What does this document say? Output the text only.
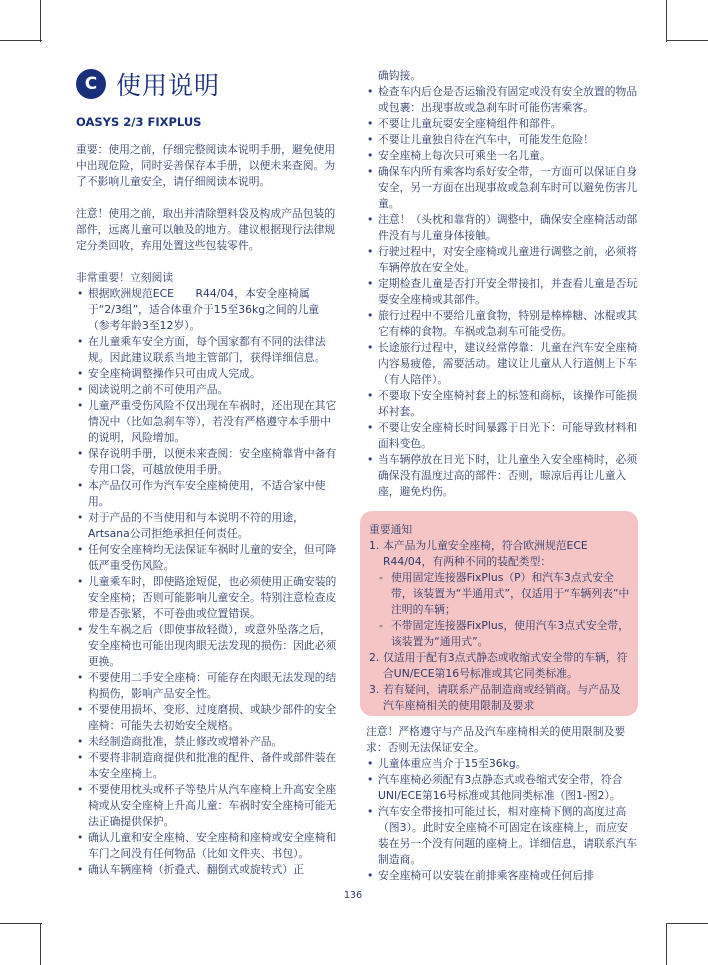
C 使用说明
OASYS 2/3 FIXPLUS

重要：使用之前，仔细完整阅读本说明手册，避免使用中出现危险，同时妥善保存本手册，以便未来查阅。为了不影响儿童安全，请仔细阅读本说明。

注意！使用之前，取出并清除塑料袋及构成产品包装的部件，远离儿童可以触及的地方。建议根据现行法律规定分类回收，弃用处置这些包装零件。

非常重要！立刻阅读

• 根据欧洲规范ECE　　R44/04，本安全座椅属于“2/3组”，适合体重介于15至36kg之间的儿童（参考年龄3至12岁）。
• 在儿童乘车安全方面，每个国家都有不同的法律法规。因此建议联系当地主管部门，获得详细信息。
• 安全座椅调整操作只可由成人完成。
• 阅读说明之前不可使用产品。
• 儿童严重受伤风险不仅出现在车祸时，还出现在其它情况中（比如急刹车等），若没有严格遵守本手册中的说明，风险增加。
• 保存说明手册，以便未来查阅：安全座椅靠背中备有专用口袋，可越放使用手册。
• 本产品仅可作为汽车安全座椅使用，不适合家中使用。
• 对于产品的不当使用和与本说明不符的用途，Artsana公司拒绝承担任何责任。
• 任何安全座椅均无法保证车祸时儿童的安全，但可降低严重受伤风险。
• 儿童乘车时，即使路途短促，也必须使用正确安装的安全座椅；否则可能影响儿童安全。特别注意检查皮带是否张紧，不可卷曲或位置错误。
• 发生车祸之后（即使事故轻微），或意外坠落之后，安全座椅也可能出现肉眼无法发现的损伤：因此必须更换。
• 不要使用二手安全座椅：可能存在肉眼无法发现的结构损伤，影响产品安全性。
• 不要使用损坏、变形、过度磨损、或缺少部件的安全座椅：可能失去初始安全规格。
• 未经制造商批准，禁止修改或增补产品。
• 不要将非制造商提供和批准的配件、备件或部件装在本安全座椅上。
• 不要使用枕头或杯子等垫片从汽车座椅上升高安全座椅或从安全座椅上升高儿童：车祸时安全座椅可能无法正确提供保护。
• 确认儿童和安全座椅、安全座椅和座椅或安全座椅和车门之间没有任何物品（比如文件夹、书包）。
• 确认车辆座椅（折叠式、翻倒式或旋转式）正

确钩接。

• 检查车内后仓是否运输没有固定或没有安全放置的物品或包裹：出现事故或急刹车时可能伤害乘客。
• 不要让儿童玩耍安全座椅组件和部件。
• 不要让儿童独自待在汽车中，可能发生危险！
• 安全座椅上每次只可乘坐一名儿童。
• 确保车内所有乘客均系好安全带，一方面可以保证自身安全，另一方面在出现事故或急刹车时可以避免伤害儿童。
• 注意！（头枕和靠背的）调整中，确保安全座椅活动部件没有与儿童身体接触。
• 行驶过程中，对安全座椅或儿童进行调整之前，必须将车辆停放在安全处。
• 定期检查儿童是否打开安全带接扣，并查看儿童是否玩耍安全座椅或其部件。
• 旅行过程中不要给儿童食物，特别是棒棒糖、冰棍或其它有棒的食物。车祸或急刹车可能受伤。
• 长途旅行过程中，建议经常停靠：儿童在汽车安全座椅内容易疲倦，需要活动。建议让儿童从人行道侧上下车（有人陪伴）。
• 不要取下安全座椅衬套上的标签和商标，该操作可能损坏衬套。
• 不要让安全座椅长时间暴露于日光下：可能导致材料和面料变色。
• 当车辆停放在日光下时，让儿童坐入安全座椅时，必须确保没有温度过高的部件：否则，晾凉后再让儿童入座，避免灼伤。

重要通知

1. 本产品为儿童安全座椅，符合欧洲规范ECE R44/04，有两种不同的装配类型：

- 使用固定连接器FixPlus（P）和汽车3点式安全带，该装置为“半通用式”，仅适用于“车辆列表”中注明的车辆；

- 不带固定连接器FixPlus，使用汽车3点式安全带，该装置为“通用式”。

2. 仅适用于配有3点式静态或收缩式安全带的车辆，符合UN/ECE第16号标准或其它同类标准。

3. 若有疑问，请联系产品制造商或经销商。与产品及汽车座椅相关的使用限制及要求

注意！严格遵守与产品及汽车座椅相关的使用限制及要求：否则无法保证安全。

• 儿童体重应当介于15至36kg。
• 汽车座椅必须配有3点静态式或卷缩式安全带，符合UNI/ECE第16号标准或其他同类标准（图1-图2）。
• 汽车安全带接扣可能过长，相对座椅下侧的高度过高（图3）。此时安全座椅不可固定在该座椅上，而应安装在另一个没有问题的座椅上。详细信息，请联系汽车制造商。
• 安全座椅可以安装在前排乘客座椅或任何后排
136
